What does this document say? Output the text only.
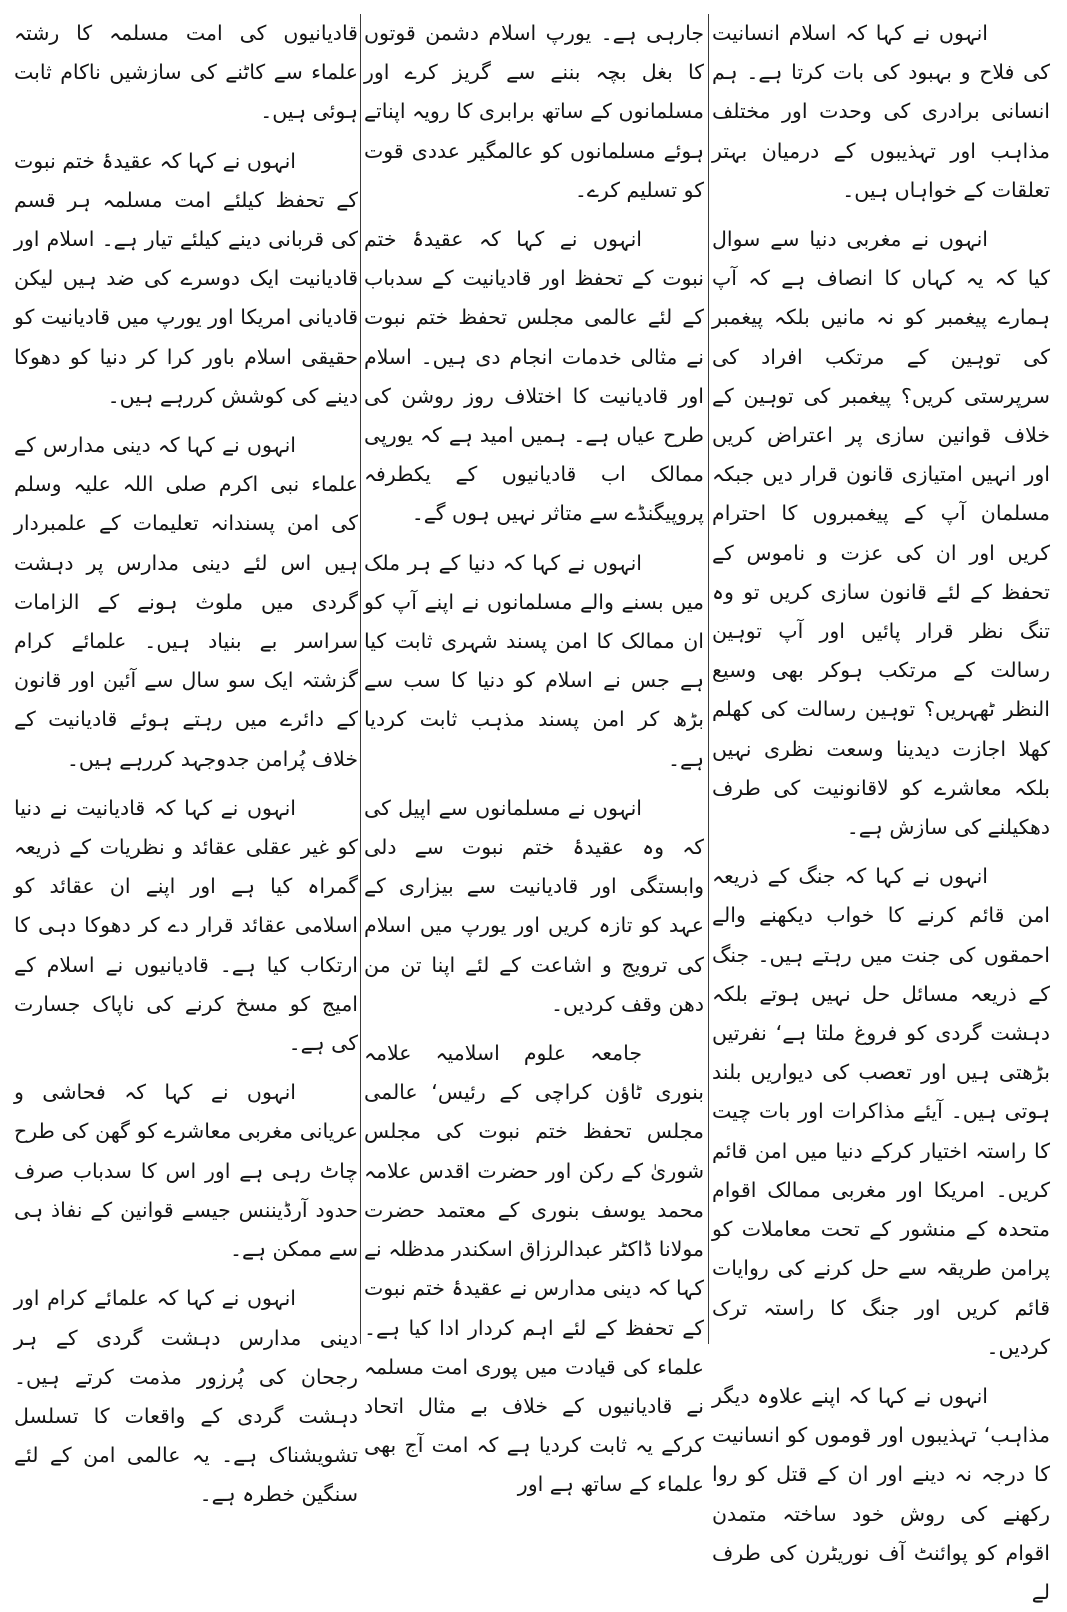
انہوں نے کہا کہ اسلام انسانیت کی فلاح و بہبود کی بات کرتا ہے۔ ہم انسانی برادری کی وحدت اور مختلف مذاہب اور تہذیبوں کے درمیان بہتر تعلقات کے خواہاں ہیں۔

انہوں نے مغربی دنیا سے سوال کیا کہ یہ کہاں کا انصاف ہے کہ آپ ہمارے پیغمبر کو نہ مانیں بلکہ پیغمبر کی توہین کے مرتکب افراد کی سرپرستی کریں؟ پیغمبر کی توہین کے خلاف قوانین سازی پر اعتراض کریں اور انہیں امتیازی قانون قرار دیں جبکہ مسلمان آپ کے پیغمبروں کا احترام کریں اور ان کی عزت و ناموس کے تحفظ کے لئے قانون سازی کریں تو وہ تنگ نظر قرار پائیں اور آپ توہین رسالت کے مرتکب ہوکر بھی وسیع النظر ٹھہریں؟ توہین رسالت کی کھلم کھلا اجازت دیدینا وسعت نظری نہیں بلکہ معاشرے کو لاقانونیت کی طرف دھکیلنے کی سازش ہے۔

انہوں نے کہا کہ جنگ کے ذریعہ امن قائم کرنے کا خواب دیکھنے والے احمقوں کی جنت میں رہتے ہیں۔ جنگ کے ذریعہ مسائل حل نہیں ہوتے بلکہ دہشت گردی کو فروغ ملتا ہے‘ نفرتیں بڑھتی ہیں اور تعصب کی دیواریں بلند ہوتی ہیں۔ آیئے مذاکرات اور بات چیت کا راستہ اختیار کرکے دنیا میں امن قائم کریں۔ امریکا اور مغربی ممالک اقوام متحدہ کے منشور کے تحت معاملات کو پرامن طریقہ سے حل کرنے کی روایات قائم کریں اور جنگ کا راستہ ترک کردیں۔

انہوں نے کہا کہ اپنے علاوہ دیگر مذاہب‘ تہذیبوں اور قوموں کو انسانیت کا درجہ نہ دینے اور ان کے قتل کو روا رکھنے کی روش خود ساختہ متمدن اقوام کو پوائنٹ آف نوریٹرن کی طرف لے

جارہی ہے۔ یورپ اسلام دشمن قوتوں کا بغل بچہ بننے سے گریز کرے اور مسلمانوں کے ساتھ برابری کا رویہ اپناتے ہوئے مسلمانوں کو عالمگیر عددی قوت کو تسلیم کرے۔

انہوں نے کہا کہ عقیدۂ ختم نبوت کے تحفظ اور قادیانیت کے سدباب کے لئے عالمی مجلس تحفظ ختم نبوت نے مثالی خدمات انجام دی ہیں۔ اسلام اور قادیانیت کا اختلاف روز روشن کی طرح عیاں ہے۔ ہمیں امید ہے کہ یورپی ممالک اب قادیانیوں کے یکطرفہ پروپیگنڈے سے متاثر نہیں ہوں گے۔

انہوں نے کہا کہ دنیا کے ہر ملک میں بسنے والے مسلمانوں نے اپنے آپ کو ان ممالک کا امن پسند شہری ثابت کیا ہے جس نے اسلام کو دنیا کا سب سے بڑھ کر امن پسند مذہب ثابت کردیا ہے۔

انہوں نے مسلمانوں سے اپیل کی کہ وہ عقیدۂ ختم نبوت سے دلی وابستگی اور قادیانیت سے بیزاری کے عہد کو تازہ کریں اور یورپ میں اسلام کی ترویج و اشاعت کے لئے اپنا تن من دھن وقف کردیں۔

جامعہ علوم اسلامیہ علامہ بنوری ٹاؤن کراچی کے رئیس‘ عالمی مجلس تحفظ ختم نبوت کی مجلس شوریٰ کے رکن اور حضرت اقدس علامہ محمد یوسف بنوری کے معتمد حضرت مولانا ڈاکٹر عبدالرزاق اسکندر مدظلہ نے کہا کہ دینی مدارس نے عقیدۂ ختم نبوت کے تحفظ کے لئے اہم کردار ادا کیا ہے۔ علماء کی قیادت میں پوری امت مسلمہ نے قادیانیوں کے خلاف بے مثال اتحاد کرکے یہ ثابت کردیا ہے کہ امت آج بھی علماء کے ساتھ ہے اور

قادیانیوں کی امت مسلمہ کا رشتہ علماء سے کاٹنے کی سازشیں ناکام ثابت ہوئی ہیں۔

انہوں نے کہا کہ عقیدۂ ختم نبوت کے تحفظ کیلئے امت مسلمہ ہر قسم کی قربانی دینے کیلئے تیار ہے۔ اسلام اور قادیانیت ایک دوسرے کی ضد ہیں لیکن قادیانی امریکا اور یورپ میں قادیانیت کو حقیقی اسلام باور کرا کر دنیا کو دھوکا دینے کی کوشش کررہے ہیں۔

انہوں نے کہا کہ دینی مدارس کے علماء نبی اکرم صلی اللہ علیہ وسلم کی امن پسندانہ تعلیمات کے علمبردار ہیں اس لئے دینی مدارس پر دہشت گردی میں ملوث ہونے کے الزامات سراسر بے بنیاد ہیں۔ علمائے کرام گزشتہ ایک سو سال سے آئین اور قانون کے دائرے میں رہتے ہوئے قادیانیت کے خلاف پُرامن جدوجہد کررہے ہیں۔

انہوں نے کہا کہ قادیانیت نے دنیا کو غیر عقلی عقائد و نظریات کے ذریعہ گمراہ کیا ہے اور اپنے ان عقائد کو اسلامی عقائد قرار دے کر دھوکا دہی کا ارتکاب کیا ہے۔ قادیانیوں نے اسلام کے امیج کو مسخ کرنے کی ناپاک جسارت کی ہے۔

انہوں نے کہا کہ فحاشی و عریانی مغربی معاشرے کو گھن کی طرح چاٹ رہی ہے اور اس کا سدباب صرف حدود آرڈیننس جیسے قوانین کے نفاذ ہی سے ممکن ہے۔

انہوں نے کہا کہ علمائے کرام اور دینی مدارس دہشت گردی کے ہر رجحان کی پُرزور مذمت کرتے ہیں۔ دہشت گردی کے واقعات کا تسلسل تشویشناک ہے۔ یہ عالمی امن کے لئے سنگین خطرہ ہے۔
